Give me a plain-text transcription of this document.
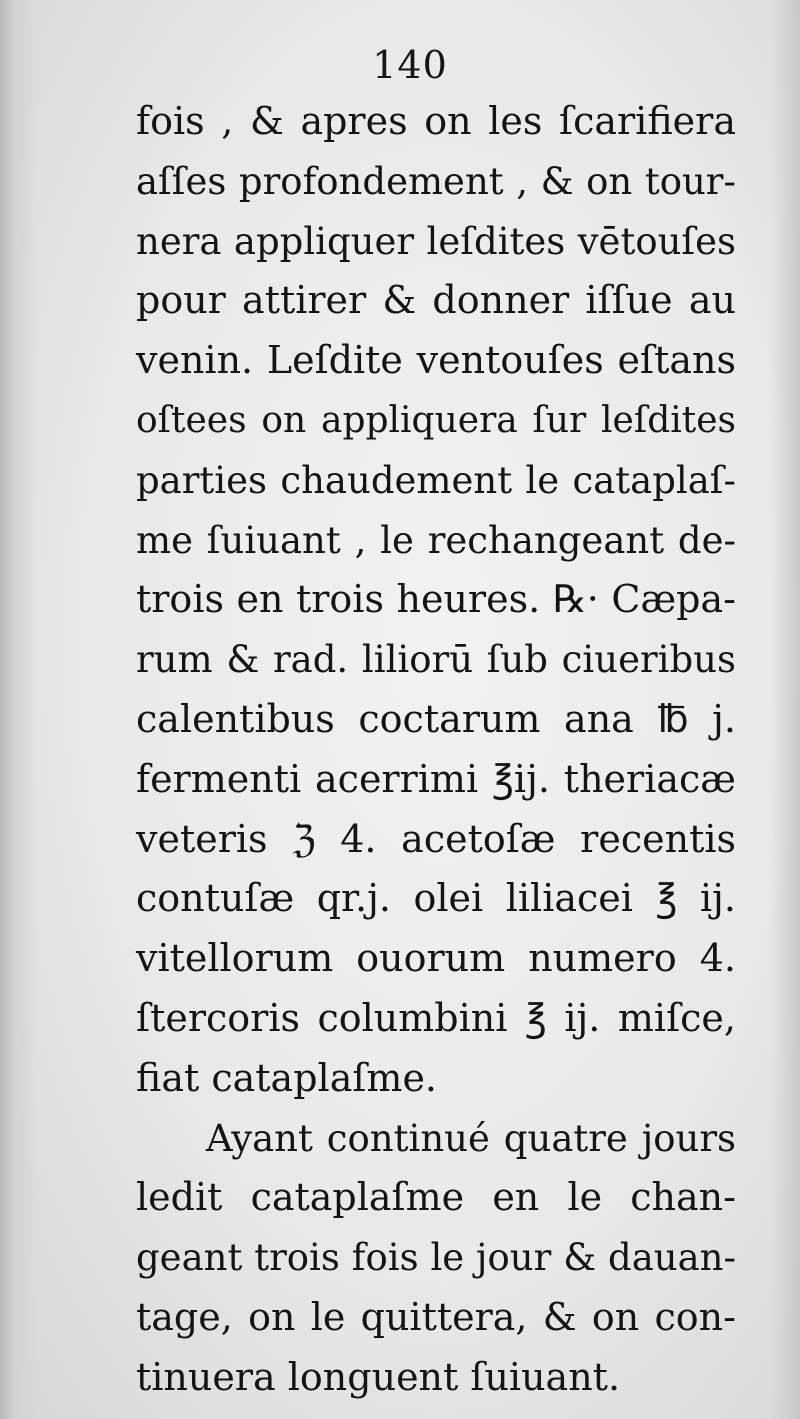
140
fois , & apres on les ſcarifiera
aſſes profondement , & on tour-
nera appliquer leſdites vētouſes
pour attirer & donner iſſue au
venin. Leſdite ventouſes eſtans
oſtees on appliquera ſur leſdites
parties chaudement le cataplaſ-
me ſuiuant , le rechangeant de-
trois en trois heures. ℞· Cæpa-
rum & rad. liliorū ſub ciueribus
calentibus coctarum ana ℔ j.
fermenti acerrimi ℥ij. theriacæ
veteris ℨ 4. acetoſæ recentis
contuſæ qr.j. olei liliacei ℥ ij.
vitellorum ouorum numero 4.
ſtercoris columbini ℥ ij. miſce,
fiat cataplaſme.
Ayant continué quatre jours
ledit cataplaſme en le chan-
geant trois fois le jour & dauan-
tage, on le quittera, & on con-
tinuera longuent ſuiuant.
